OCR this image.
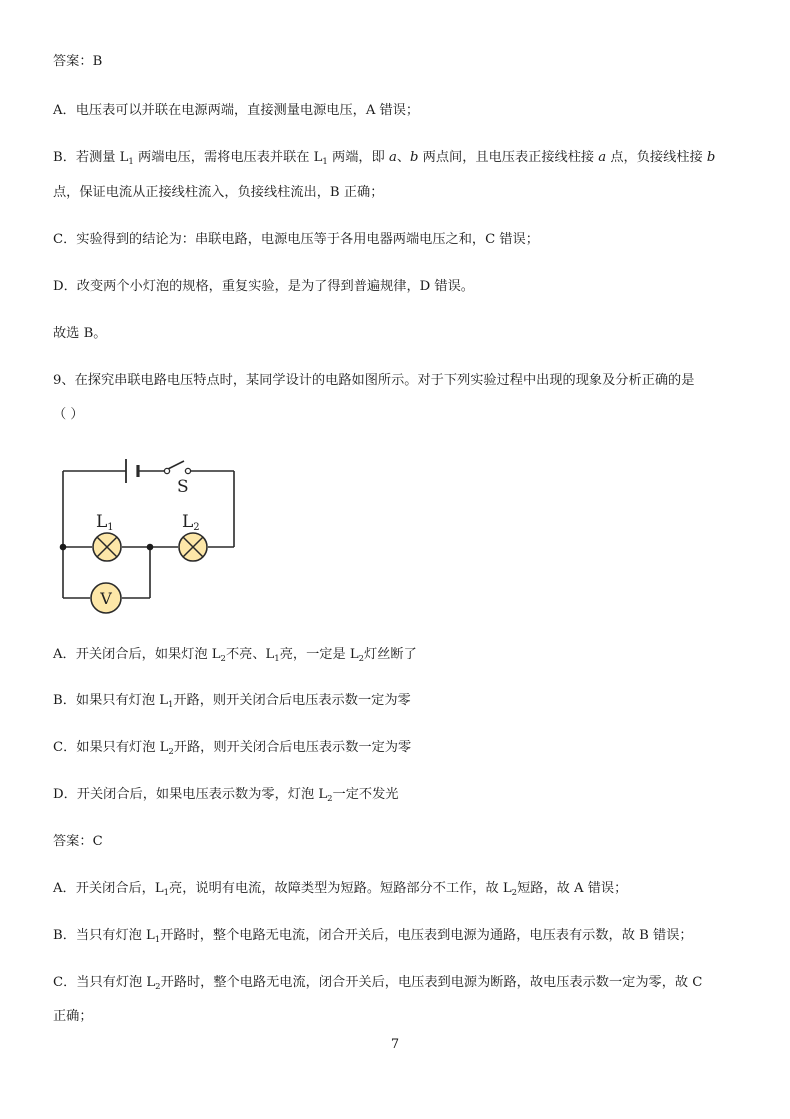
答案：B
A．电压表可以并联在电源两端，直接测量电源电压，A 错误；
B．若测量 $L_1$ 两端电压，需将电压表并联在 $L_1$ 两端，即 a、b 两点间，且电压表正接线柱接 a 点，负接线柱接 b
点，保证电流从正接线柱流入，负接线柱流出，B 正确；
C．实验得到的结论为：串联电路，电源电压等于各用电器两端电压之和，C 错误；
D．改变两个小灯泡的规格，重复实验，是为了得到普遍规律，D 错误。
故选 B。
9、在探究串联电路电压特点时，某同学设计的电路如图所示。对于下列实验过程中出现的现象及分析正确的是
（ ）
S
L1	L2
V
A．开关闭合后，如果灯泡 $L_2$不亮、$L_1$亮，一定是 $L_2$灯丝断了
B．如果只有灯泡 $L_1$开路，则开关闭合后电压表示数一定为零
C．如果只有灯泡 $L_2$开路，则开关闭合后电压表示数一定为零
D．开关闭合后，如果电压表示数为零，灯泡 $L_2$一定不发光
答案：C
A．开关闭合后，$L_1$亮，说明有电流，故障类型为短路。短路部分不工作，故 $L_2$短路，故 A 错误；
B．当只有灯泡 $L_1$开路时，整个电路无电流，闭合开关后，电压表到电源为通路，电压表有示数，故 B 错误；
C．当只有灯泡 $L_2$开路时，整个电路无电流，闭合开关后，电压表到电源为断路，故电压表示数一定为零，故 C
正确；
7
